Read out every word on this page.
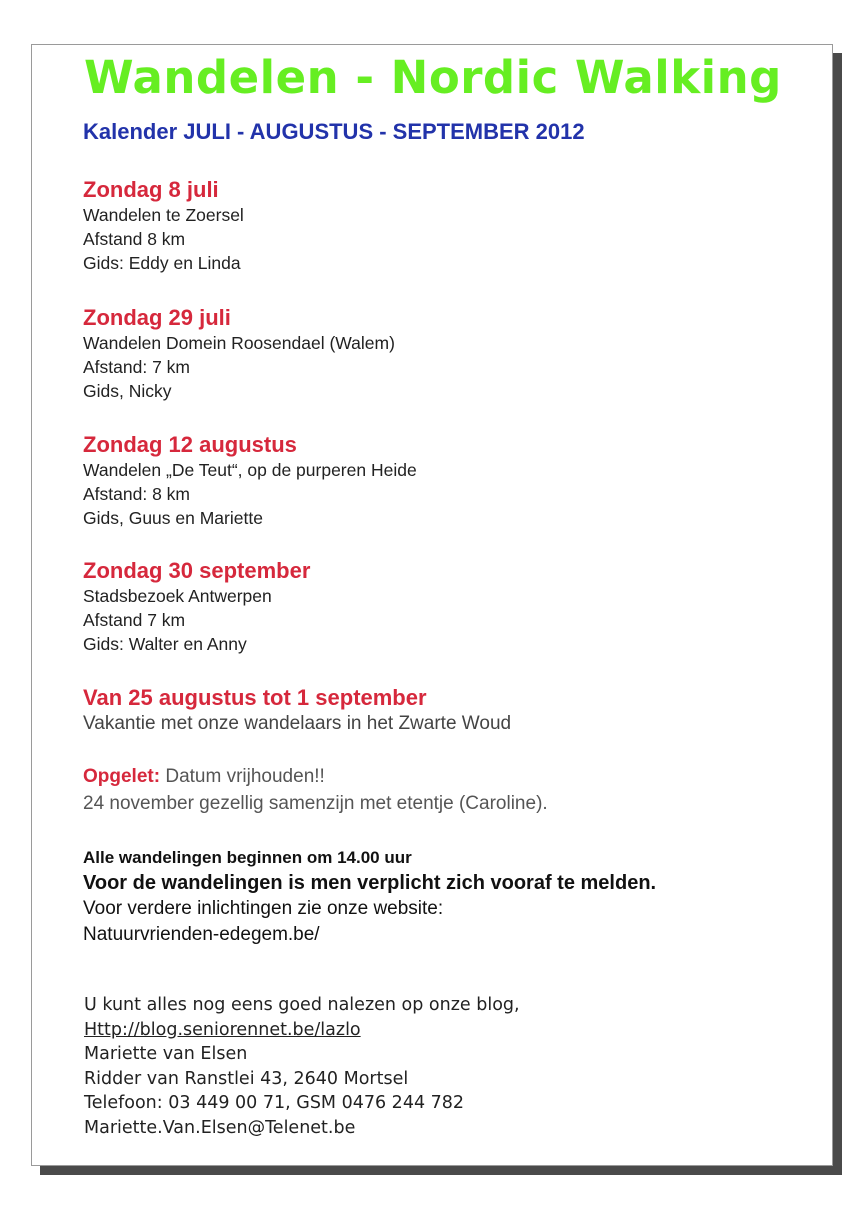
Wandelen - Nordic Walking
Kalender JULI - AUGUSTUS - SEPTEMBER 2012
Zondag 8 juli
Wandelen te Zoersel
Afstand 8 km
Gids: Eddy en Linda
Zondag 29 juli
Wandelen Domein Roosendael (Walem)
Afstand: 7 km
Gids, Nicky
Zondag 12 augustus
Wandelen „De Teut“, op de purperen Heide
Afstand: 8 km
Gids, Guus en Mariette
Zondag 30 september
Stadsbezoek Antwerpen
Afstand 7 km
Gids: Walter en Anny
Van 25 augustus tot 1 september
Vakantie met onze wandelaars in het Zwarte Woud
Opgelet: Datum vrijhouden!!
24 november gezellig samenzijn met etentje (Caroline).
Alle wandelingen beginnen om 14.00 uur
Voor de wandelingen is men verplicht zich vooraf te melden.
Voor verdere inlichtingen zie onze website:
Natuurvrienden-edegem.be/
U kunt alles nog eens goed nalezen op onze blog,
Http://blog.seniorennet.be/lazlo
Mariette van Elsen
Ridder van Ranstlei 43, 2640 Mortsel
Telefoon: 03 449 00 71, GSM 0476 244 782
Mariette.Van.Elsen@Telenet.be
